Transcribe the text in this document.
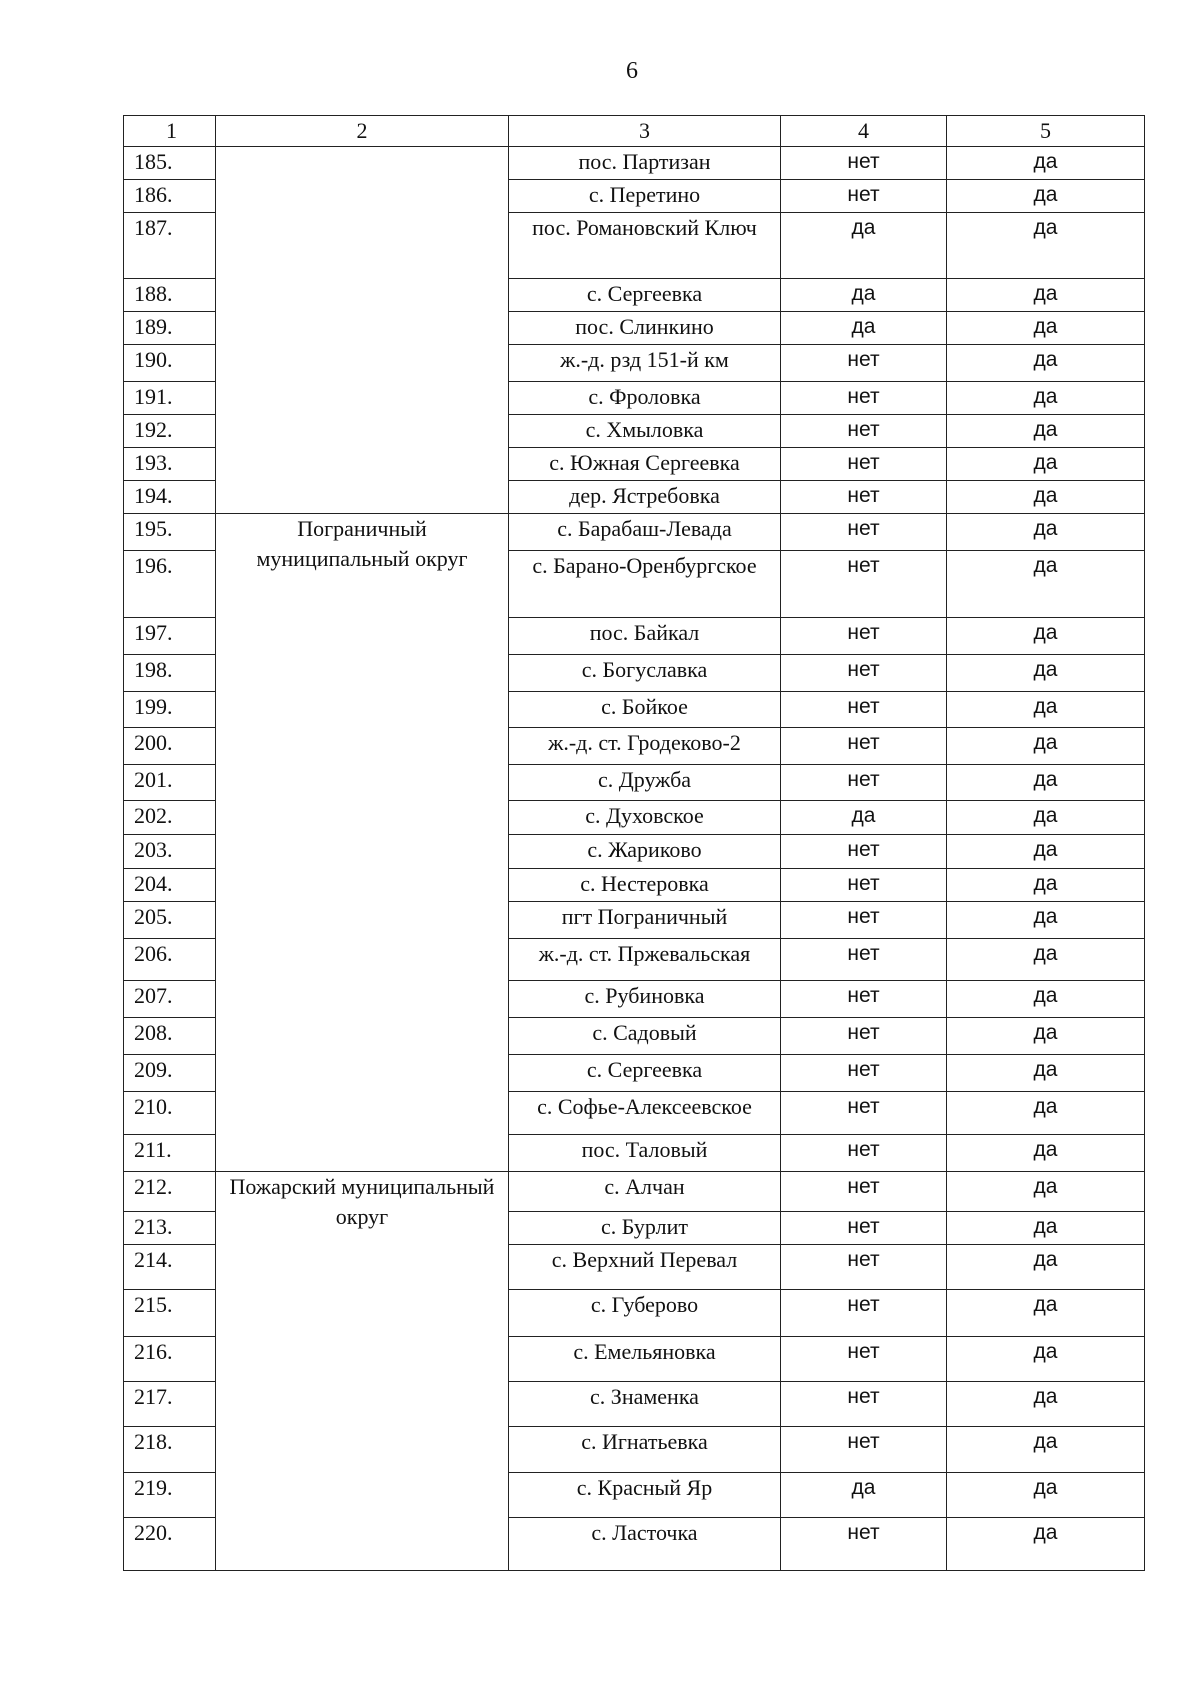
6
1	2	3	4	5
185.		пос. Партизан	нет	да
186.		с. Перетино	нет	да
187.		пос. Романовский Ключ	да	да
188.		с. Сергеевка	да	да
189.		пос. Слинкино	да	да
190.		ж.-д. рзд 151-й км	нет	да
191.		с. Фроловка	нет	да
192.		с. Хмыловка	нет	да
193.		с. Южная Сергеевка	нет	да
194.		дер. Ястребовка	нет	да
195.	Пограничный муниципальный округ	с. Барабаш-Левада	нет	да
196.		с. Барано-Оренбургское	нет	да
197.		пос. Байкал	нет	да
198.		с. Богуславка	нет	да
199.		с. Бойкое	нет	да
200.		ж.-д. ст. Гродеково-2	нет	да
201.		с. Дружба	нет	да
202.		с. Духовское	да	да
203.		с. Жариково	нет	да
204.		с. Нестеровка	нет	да
205.		пгт Пограничный	нет	да
206.		ж.-д. ст. Пржевальская	нет	да
207.		с. Рубиновка	нет	да
208.		с. Садовый	нет	да
209.		с. Сергеевка	нет	да
210.		с. Софье-Алексеевское	нет	да
211.		пос. Таловый	нет	да
212.	Пожарский муниципальный округ	с. Алчан	нет	да
213.		с. Бурлит	нет	да
214.		с. Верхний Перевал	нет	да
215.		с. Губерово	нет	да
216.		с. Емельяновка	нет	да
217.		с. Знаменка	нет	да
218.		с. Игнатьевка	нет	да
219.		с. Красный Яр	да	да
220.		с. Ласточка	нет	да
